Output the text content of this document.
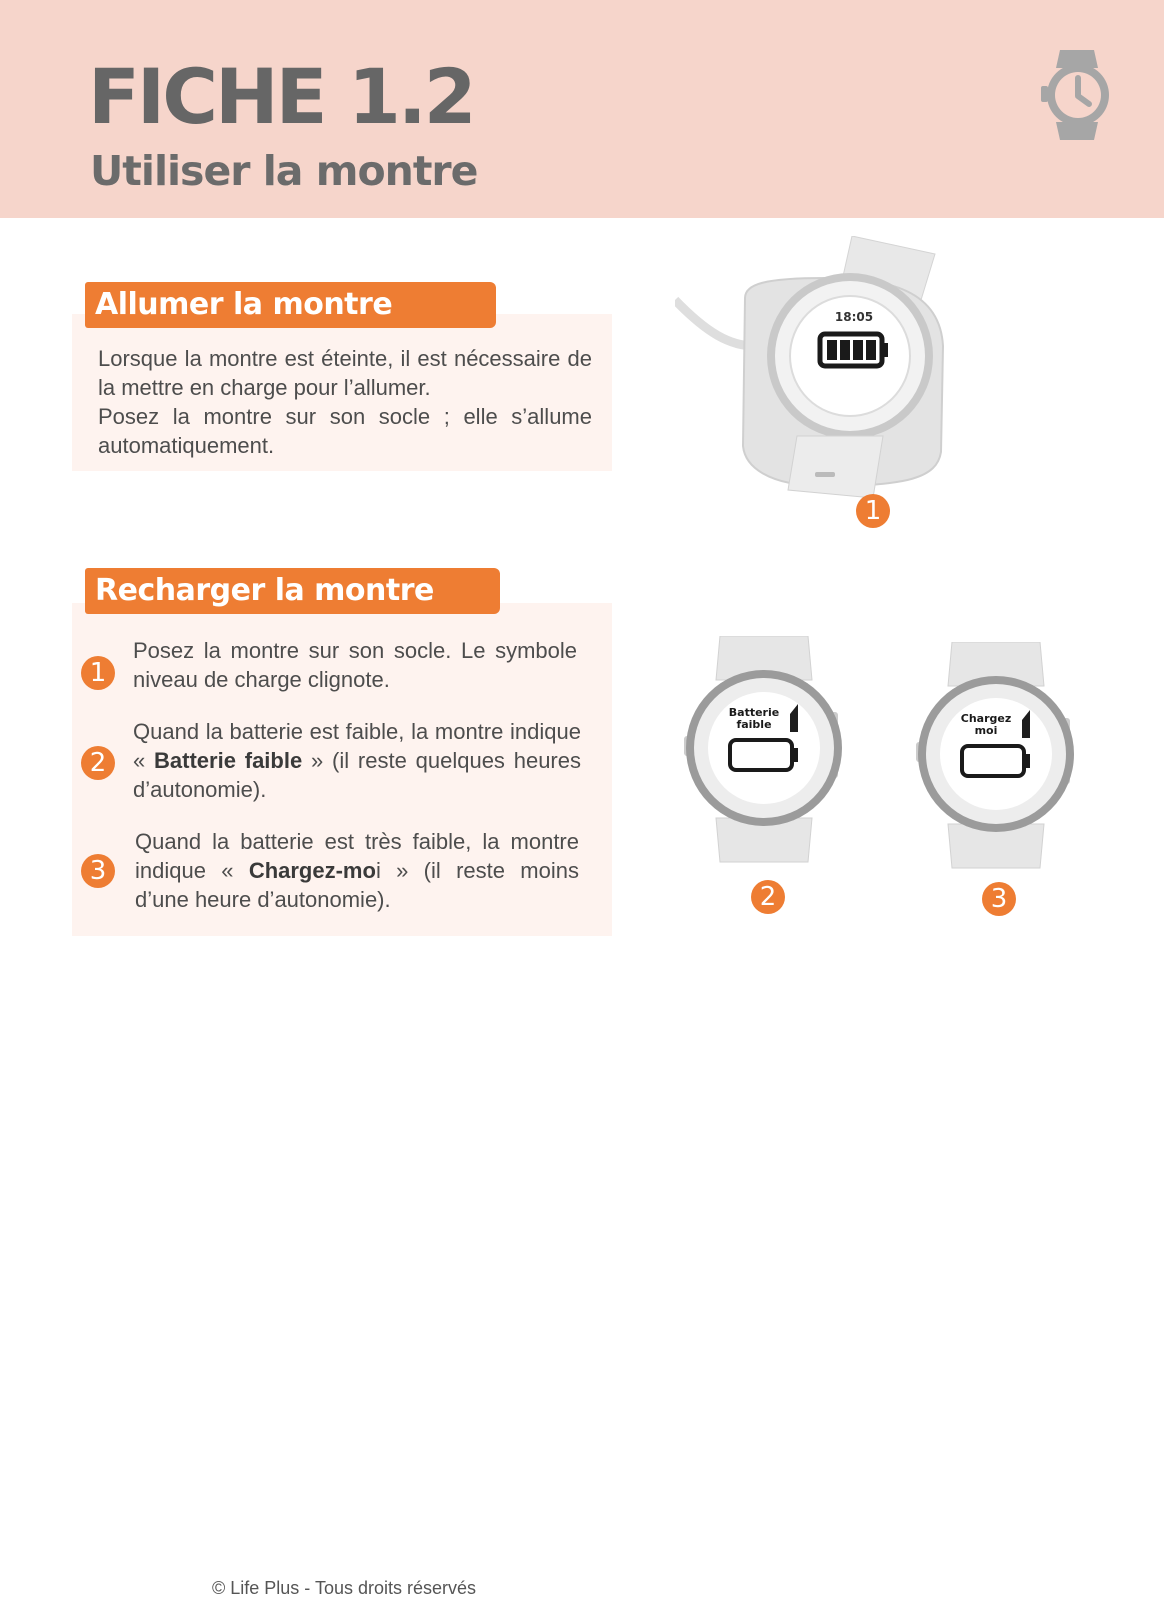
FICHE 1.2
Utiliser la montre
Allumer la montre
Lorsque la montre est éteinte, il est nécessaire de la mettre en charge pour l’allumer.
Posez la montre sur son socle ; elle s’allume automatiquement.
18:05
1
Recharger la montre
1
Posez la montre sur son socle. Le symbole niveau de charge clignote.
2
Quand la batterie est faible, la montre indique « Batterie faible » (il reste quelques heures d’autonomie).
3
Quand la batterie est très faible, la montre indique « Chargez-moi » (il reste moins d’une heure d’autonomie).
Batterie
faible
2
Chargez
moi
3
© Life Plus - Tous droits réservés
